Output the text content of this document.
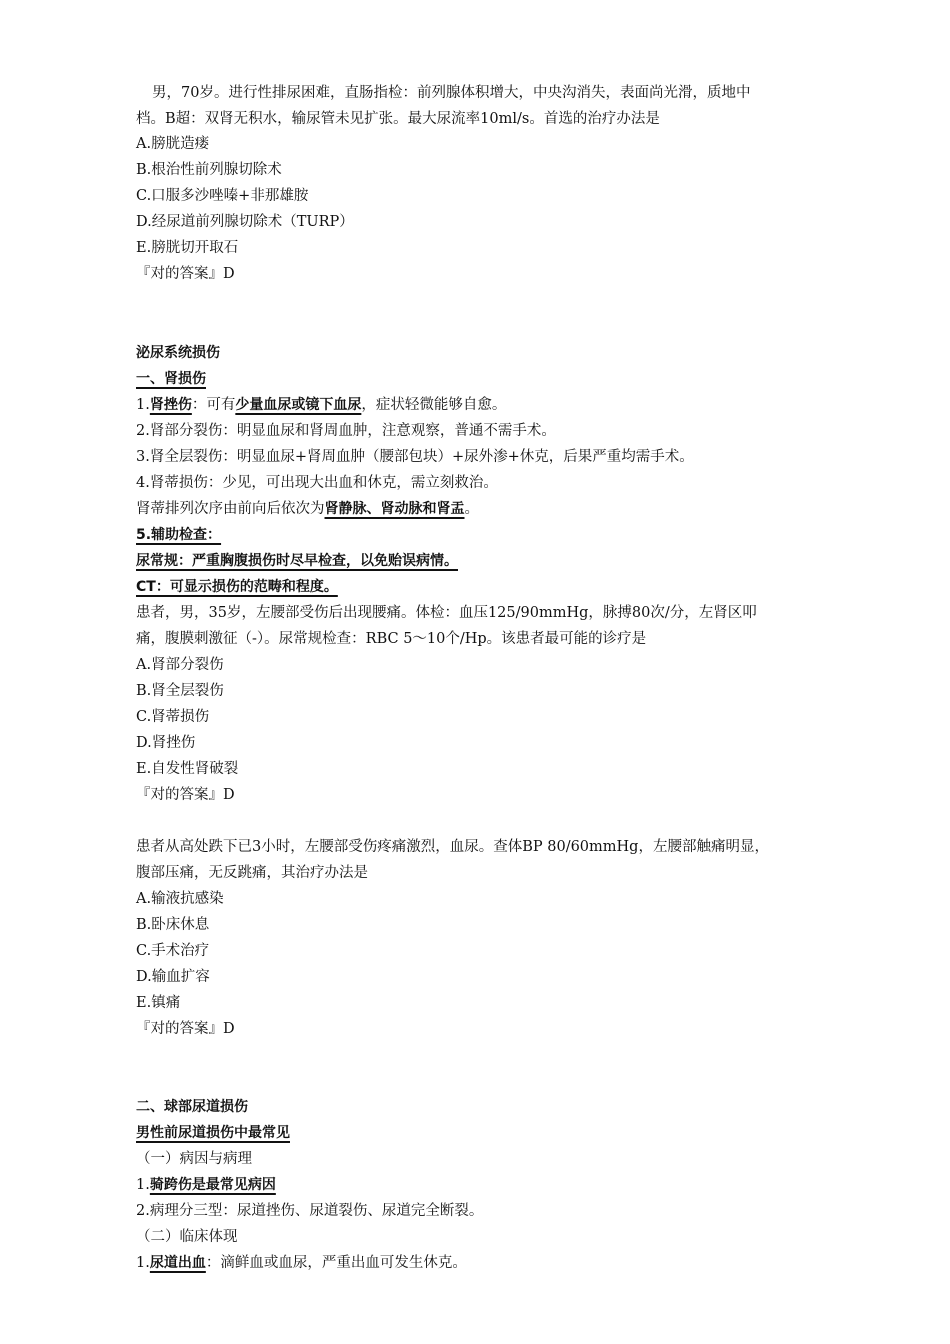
男，70岁。进行性排尿困难，直肠指检：前列腺体积增大，中央沟消失，表面尚光滑，质地中
档。B超：双肾无积水，输尿管未见扩张。最大尿流率10ml/s。首选的治疗办法是
A.膀胱造瘘
B.根治性前列腺切除术
C.口服多沙唑嗪+非那雄胺
D.经尿道前列腺切除术（TURP）
E.膀胱切开取石
『对的答案』D
泌尿系统损伤
一、肾损伤
1.肾挫伤：可有少量血尿或镜下血尿，症状轻微能够自愈。
2.肾部分裂伤：明显血尿和肾周血肿，注意观察，普通不需手术。
3.肾全层裂伤：明显血尿+肾周血肿（腰部包块）+尿外渗+休克，后果严重均需手术。
4.肾蒂损伤：少见，可出现大出血和休克，需立刻救治。
肾蒂排列次序由前向后依次为肾静脉、肾动脉和肾盂。
5.辅助检查：
尿常规：严重胸腹损伤时尽早检查，以免贻误病情。
CT：可显示损伤的范畴和程度。
患者，男，35岁，左腰部受伤后出现腰痛。体检：血压125/90mmHg，脉搏80次/分，左肾区叩
痛，腹膜刺激征（-）。尿常规检查：RBC 5～10个/Hp。该患者最可能的诊疗是
A.肾部分裂伤
B.肾全层裂伤
C.肾蒂损伤
D.肾挫伤
E.自发性肾破裂
『对的答案』D
患者从高处跌下已3小时，左腰部受伤疼痛激烈，血尿。查体BP 80/60mmHg，左腰部触痛明显，
腹部压痛，无反跳痛，其治疗办法是
A.输液抗感染
B.卧床休息
C.手术治疗
D.输血扩容
E.镇痛
『对的答案』D
二、球部尿道损伤
男性前尿道损伤中最常见
（一）病因与病理
1.骑跨伤是最常见病因
2.病理分三型：尿道挫伤、尿道裂伤、尿道完全断裂。
（二）临床体现
1.尿道出血：滴鲜血或血尿，严重出血可发生休克。
